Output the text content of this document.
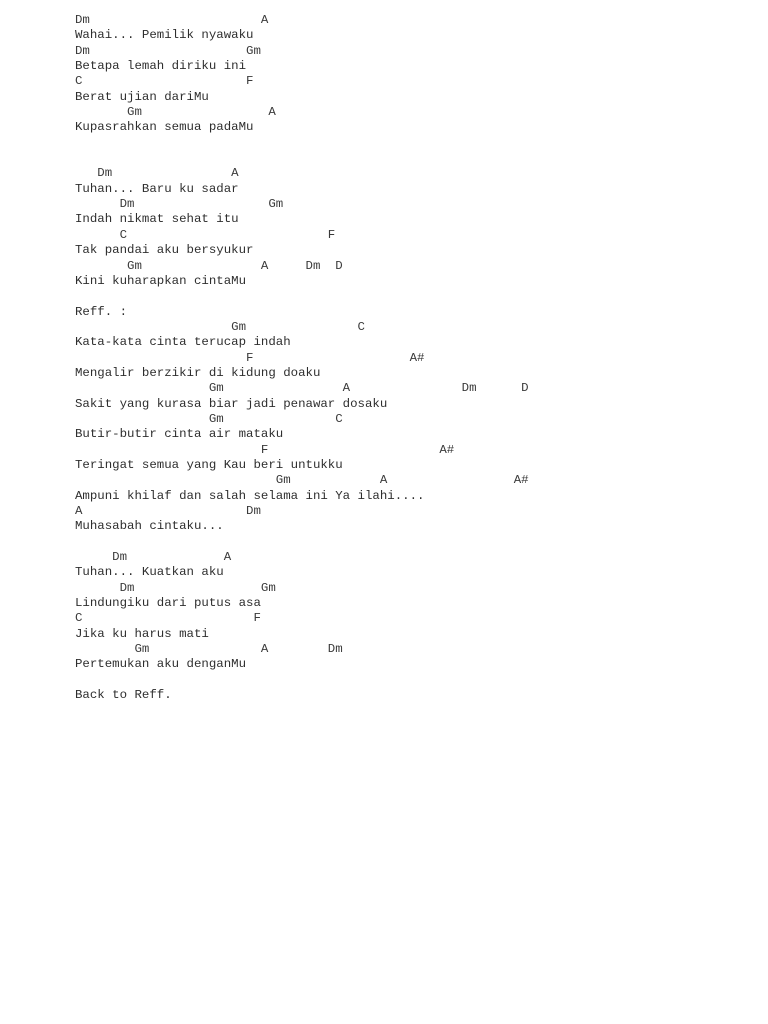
Dm                       A
Wahai... Pemilik nyawaku
Dm                     Gm
Betapa lemah diriku ini
C                      F
Berat ujian dariMu
Gm                 A
Kupasrahkan semua padaMu
Dm                A
Tuhan... Baru ku sadar
Dm                  Gm
Indah nikmat sehat itu
C                           F
Tak pandai aku bersyukur
Gm                A     Dm  D
Kini kuharapkan cintaMu
Reff. :
Gm               C
Kata-kata cinta terucap indah
F                     A#
Mengalir berzikir di kidung doaku
Gm                A               Dm      D
Sakit yang kurasa biar jadi penawar dosaku
Gm               C
Butir-butir cinta air mataku
F                       A#
Teringat semua yang Kau beri untukku
Gm            A                 A#
Ampuni khilaf dan salah selama ini Ya ilahi....
A                      Dm
Muhasabah cintaku...
Dm             A
Tuhan... Kuatkan aku
Dm                 Gm
Lindungiku dari putus asa
C                       F
Jika ku harus mati
Gm               A        Dm
Pertemukan aku denganMu
Back to Reff.
